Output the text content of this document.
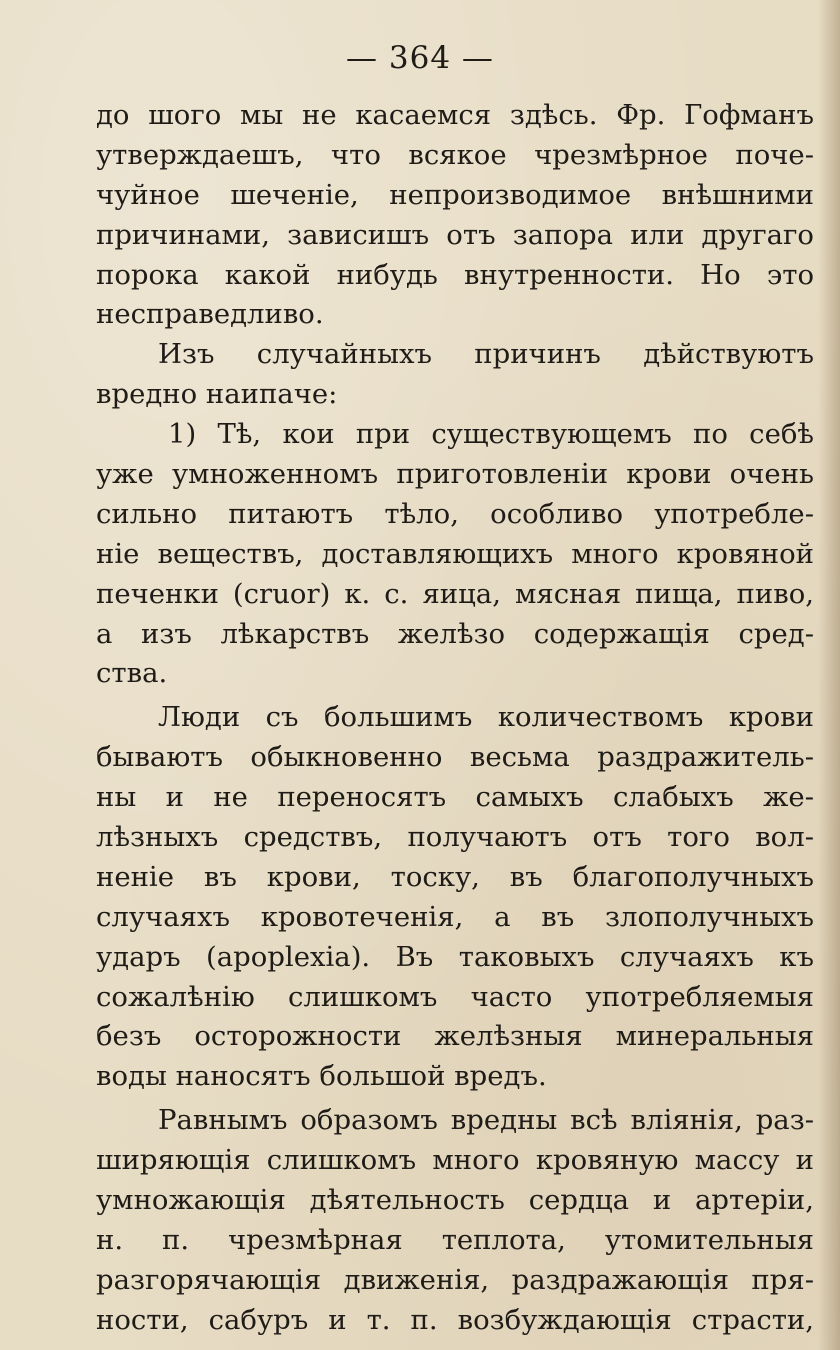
— 364 —
до шого мы не касаемся здѣсь. Фр. Гофманъ
утверждаешъ, что всякое чрезмѣрное поче-
чуйное шеченіе, непроизводимое внѣшними
причинами, зависишъ отъ запора или другаго
порока какой нибудь внутренности. Но это
несправедливо.
Изъ случайныхъ причинъ дѣйствуютъ
вредно наипаче:
1) Тѣ, кои при существующемъ по себѣ
уже умноженномъ приготовленіи крови очень
сильно питаютъ тѣло, особливо употребле-
ніе веществъ, доставляющихъ много кровяной
печенки (cruor) к. с. яица, мясная пища, пиво,
а изъ лѣкарствъ желѣзо содержащія сред-
ства.
Люди съ большимъ количествомъ крови
бываютъ обыкновенно весьма раздражитель-
ны и не переносятъ самыхъ слабыхъ же-
лѣзныхъ средствъ, получаютъ отъ того вол-
неніе въ крови, тоску, въ благополучныхъ
случаяхъ кровотеченія, а въ злополучныхъ
ударъ (apoplexia). Въ таковыхъ случаяхъ къ
сожалѣнію слишкомъ часто употребляемыя
безъ осторожности желѣзныя минеральныя
воды наносятъ большой вредъ.
Равнымъ образомъ вредны всѣ вліянія, раз-
ширяющія слишкомъ много кровяную массу и
умножающія дѣятельность сердца и артеріи,
н. п. чрезмѣрная теплота, утомительныя
разгорячающія движенія, раздражающія пря-
ности, сабуръ и т. п. возбуждающія страсти,
